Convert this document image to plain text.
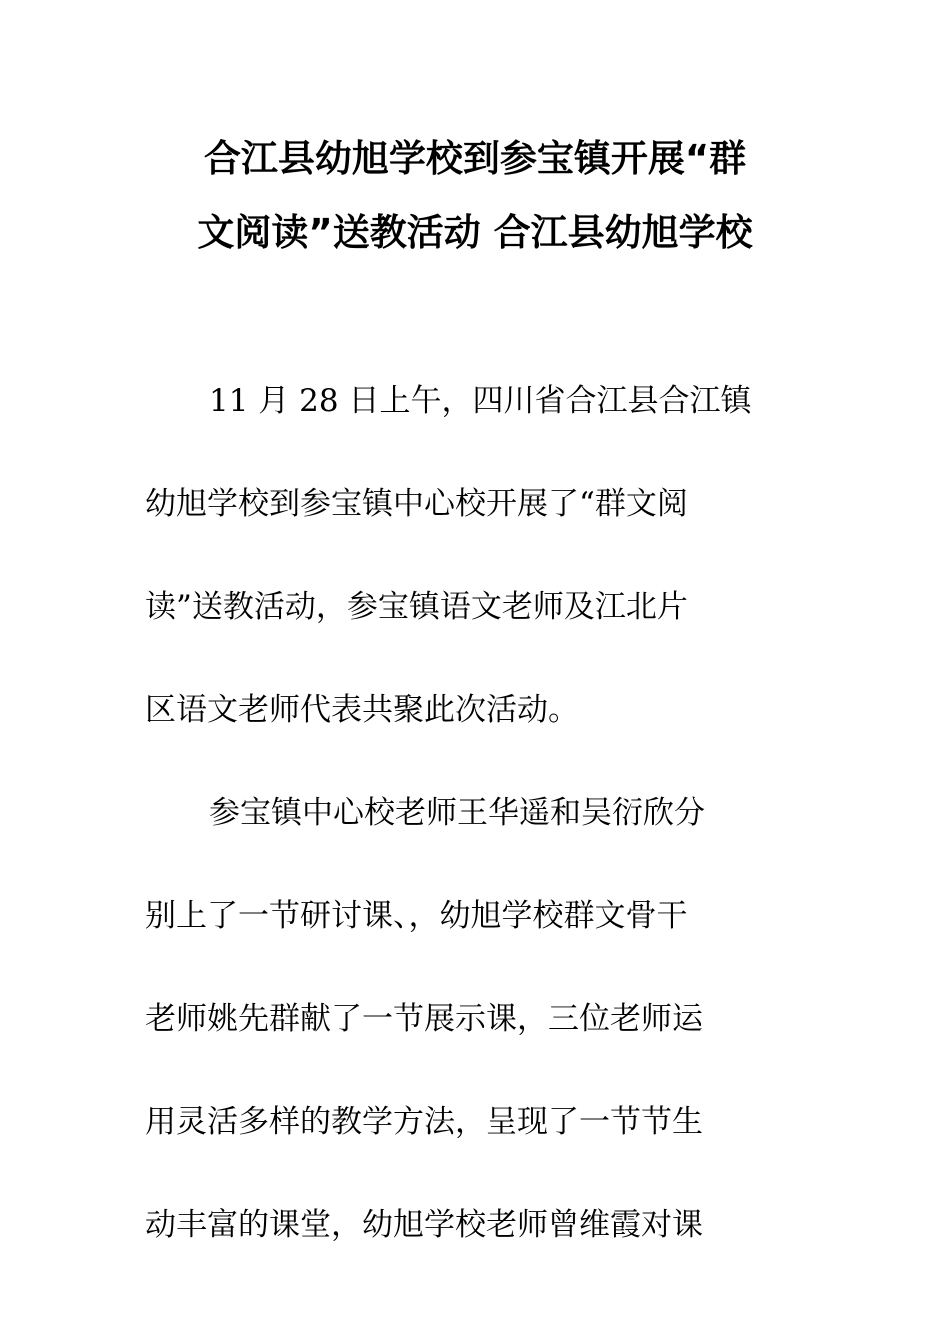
合江县幼旭学校到参宝镇开展“群
文阅读”送教活动 合江县幼旭学校
11 月 28 日上午，四川省合江县合江镇
幼旭学校到参宝镇中心校开展了“群文阅
读”送教活动，参宝镇语文老师及江北片
区语文老师代表共聚此次活动。
参宝镇中心校老师王华遥和吴衍欣分
别上了一节研讨课、，幼旭学校群文骨干
老师姚先群献了一节展示课，三位老师运
用灵活多样的教学方法，呈现了一节节生
动丰富的课堂，幼旭学校老师曾维霞对课
